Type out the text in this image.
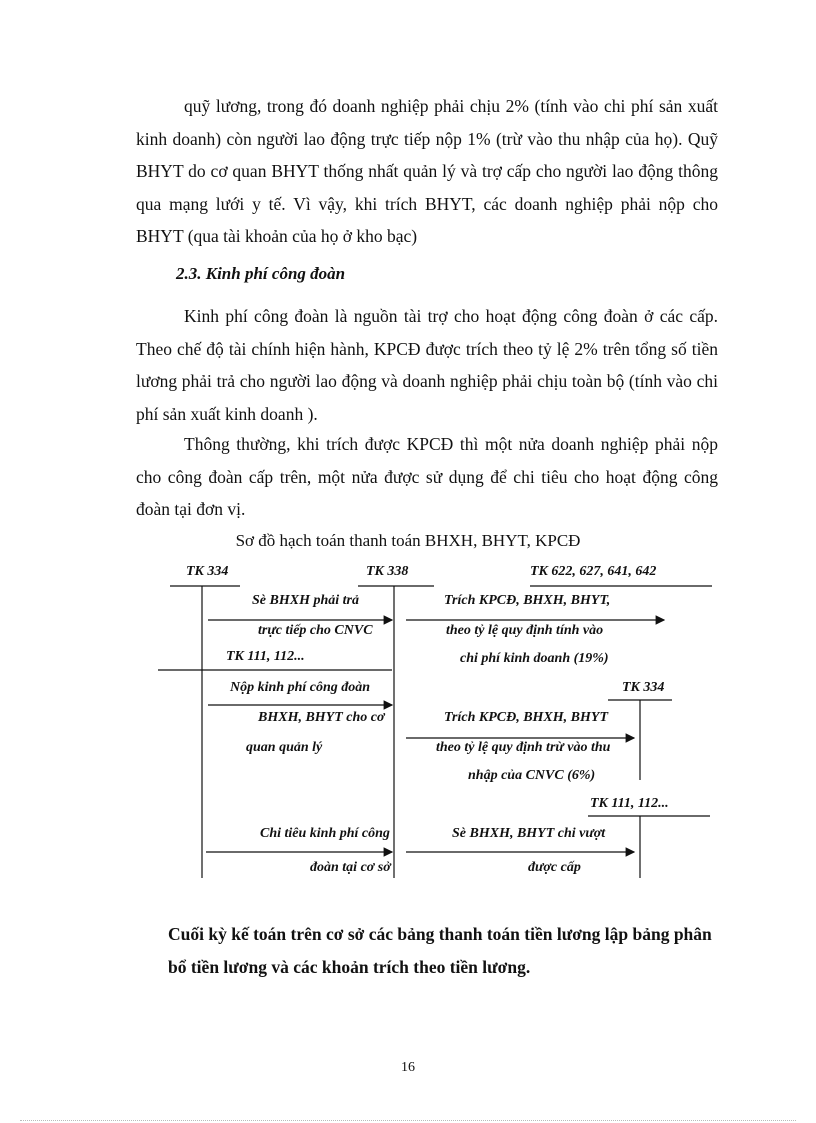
quỹ lương, trong đó doanh nghiệp phải chịu 2% (tính vào chi phí sản xuất kinh doanh) còn người lao động trực tiếp nộp 1% (trừ vào thu nhập của họ). Quỹ BHYT do cơ quan BHYT thống nhất quản lý và trợ cấp cho người lao động thông qua mạng lưới y tế. Vì vậy, khi trích BHYT, các doanh nghiệp phải nộp cho BHYT (qua tài khoản của họ ở kho bạc)
2.3. Kinh phí công đoàn
Kinh phí công đoàn là nguồn tài trợ cho hoạt động công đoàn ở các cấp. Theo chế độ tài chính hiện hành, KPCĐ được trích theo tỷ lệ 2% trên tổng số tiền lương phải trả cho người lao động và doanh nghiệp phải chịu toàn bộ (tính vào chi phí sản xuất kinh doanh ).
Thông thường, khi trích được KPCĐ thì một nửa doanh nghiệp phải nộp cho công đoàn cấp trên, một nửa được sử dụng để chi tiêu cho hoạt động công đoàn tại đơn vị.
Sơ đồ hạch toán thanh toán BHXH, BHYT, KPCĐ
TK 334	TK 338	TK 622, 627, 641, 642
TK 111, 112...
TK 334
TK 111, 112...
Sè BHXH phải trả
trực tiếp cho CNVC
Trích KPCĐ, BHXH, BHYT,
theo tỷ lệ quy định tính vào
chi phí kinh doanh (19%)
Nộp kinh phí công đoàn
BHXH, BHYT cho cơ
quan quản lý
Trích KPCĐ, BHXH, BHYT
theo tỷ lệ quy định trừ vào thu
nhập của CNVC (6%)
Chi tiêu kinh phí công
đoàn tại cơ sở
Sè BHXH, BHYT chi vượt
được cấp
Cuối kỳ kế toán trên cơ sở các bảng thanh toán tiền lương lập bảng phân bổ tiền lương và các khoản trích theo tiền lương.
16
